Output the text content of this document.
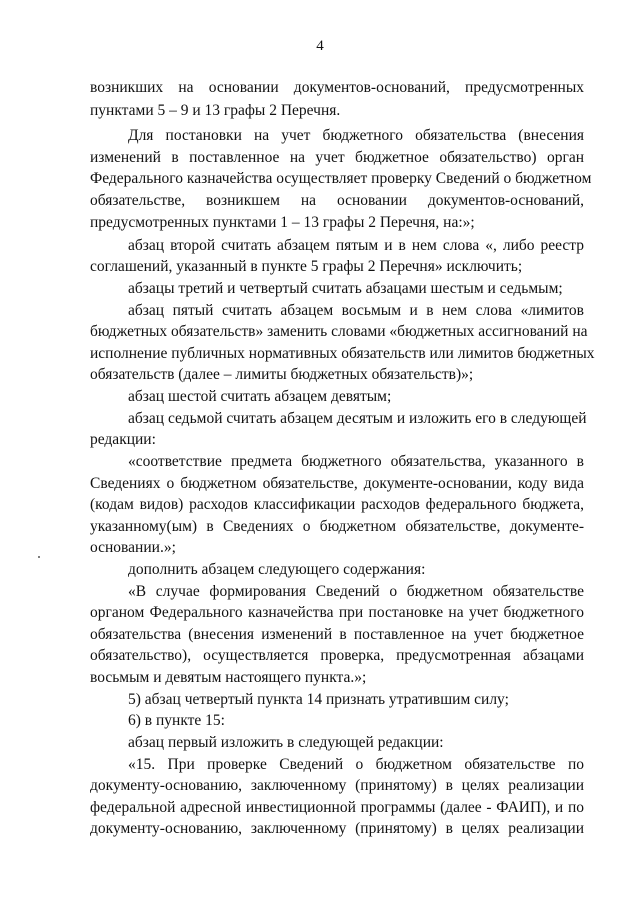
4
возникших на основании документов-оснований, предусмотренных
пунктами 5 – 9 и 13 графы 2 Перечня.
Для постановки на учет бюджетного обязательства (внесения
изменений в поставленное на учет бюджетное обязательство) орган
Федерального казначейства осуществляет проверку Сведений о бюджетном
обязательстве, возникшем на основании документов-оснований,
предусмотренных пунктами 1 – 13 графы 2 Перечня, на:»;
абзац второй считать абзацем пятым и в нем слова «, либо реестр
соглашений, указанный в пункте 5 графы 2 Перечня» исключить;
абзацы третий и четвертый считать абзацами шестым и седьмым;
абзац пятый считать абзацем восьмым и в нем слова «лимитов
бюджетных обязательств» заменить словами «бюджетных ассигнований на
исполнение публичных нормативных обязательств или лимитов бюджетных
обязательств (далее – лимиты бюджетных обязательств)»;
абзац шестой считать абзацем девятым;
абзац седьмой считать абзацем десятым и изложить его в следующей
редакции:
«соответствие предмета бюджетного обязательства, указанного в
Сведениях о бюджетном обязательстве, документе-основании, коду вида
(кодам видов) расходов классификации расходов федерального бюджета,
указанному(ым) в Сведениях о бюджетном обязательстве, документе-
основании.»;
дополнить абзацем следующего содержания:
«В случае формирования Сведений о бюджетном обязательстве
органом Федерального казначейства при постановке на учет бюджетного
обязательства (внесения изменений в поставленное на учет бюджетное
обязательство), осуществляется проверка, предусмотренная абзацами
восьмым и девятым настоящего пункта.»;
5) абзац четвертый пункта 14 признать утратившим силу;
6) в пункте 15:
абзац первый изложить в следующей редакции:
«15. При проверке Сведений о бюджетном обязательстве по
документу-основанию, заключенному (принятому) в целях реализации
федеральной адресной инвестиционной программы (далее - ФАИП), и по
документу-основанию, заключенному (принятому) в целях реализации
